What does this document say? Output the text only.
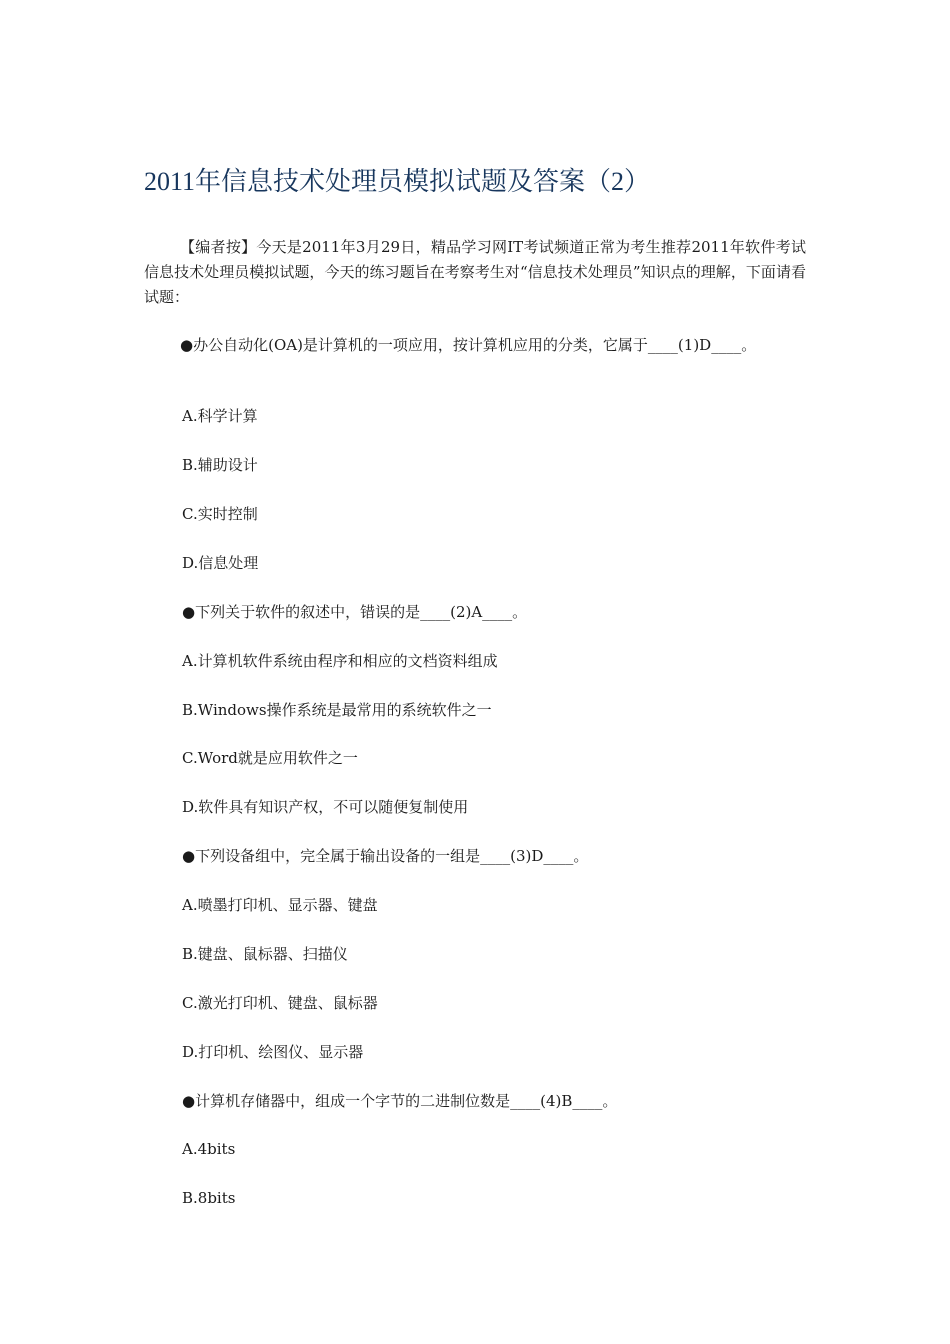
2011年信息技术处理员模拟试题及答案（2）

【编者按】今天是2011年3月29日，精品学习网IT考试频道正常为考生推荐2011年软件考试信息技术处理员模拟试题，今天的练习题旨在考察考生对“信息技术处理员”知识点的理解，下面请看试题：

●办公自动化(OA)是计算机的一项应用，按计算机应用的分类，它属于____(1)D____。

A.科学计算
B.辅助设计
C.实时控制
D.信息处理
●下列关于软件的叙述中，错误的是____(2)A____。
A.计算机软件系统由程序和相应的文档资料组成
B.Windows操作系统是最常用的系统软件之一
C.Word就是应用软件之一
D.软件具有知识产权，不可以随便复制使用
●下列设备组中，完全属于输出设备的一组是____(3)D____。
A.喷墨打印机、显示器、键盘
B.键盘、鼠标器、扫描仪
C.激光打印机、键盘、鼠标器
D.打印机、绘图仪、显示器
●计算机存储器中，组成一个字节的二进制位数是____(4)B____。
A.4bits
B.8bits
